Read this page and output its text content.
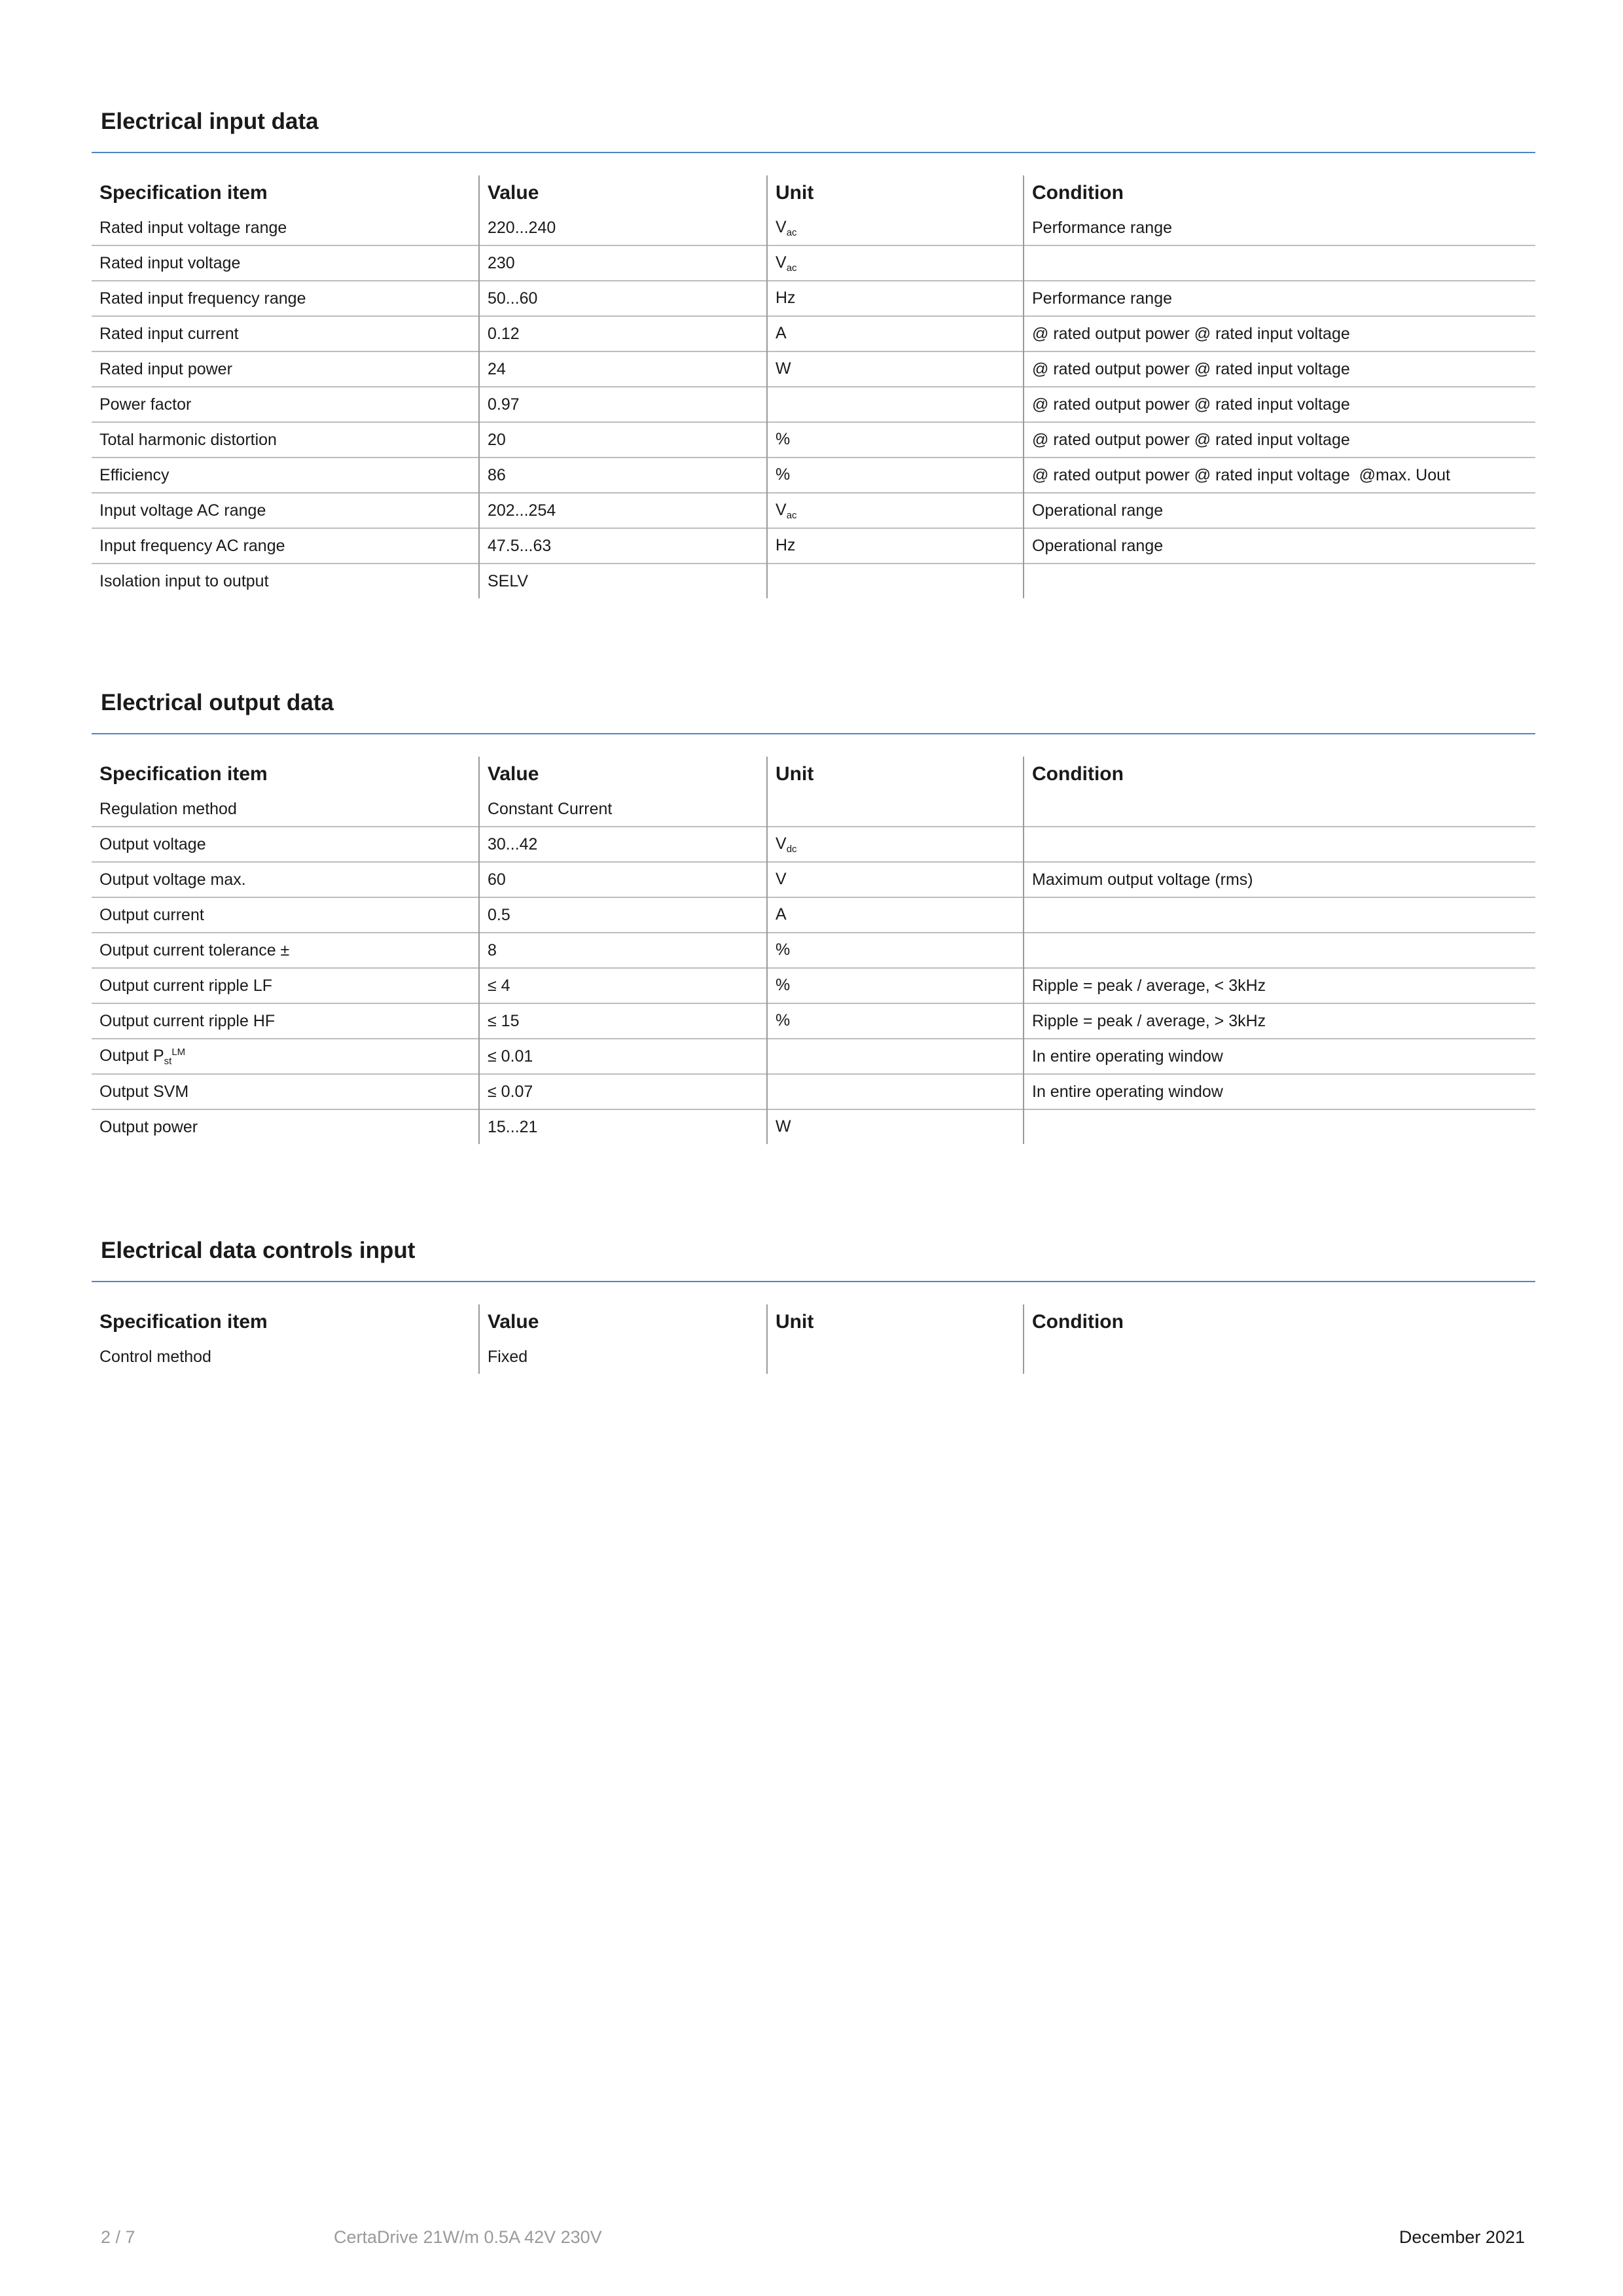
Electrical input data
Specification item	Value	Unit	Condition
Rated input voltage range	220...240	$V_{ac}$	Performance range
Rated input voltage	230	$V_{ac}$	
Rated input frequency range	50...60	Hz	Performance range
Rated input current	0.12	A	@ rated output power @ rated input voltage
Rated input power	24	W	@ rated output power @ rated input voltage
Power factor	0.97		@ rated output power @ rated input voltage
Total harmonic distortion	20	%	@ rated output power @ rated input voltage
Efficiency	86	%	@ rated output power @ rated input voltage  @max. Uout
Input voltage AC range	202...254	$V_{ac}$	Operational range
Input frequency AC range	47.5...63	Hz	Operational range
Isolation input to output	SELV		
Electrical output data
Specification item	Value	Unit	Condition
Regulation method	Constant Current		
Output voltage	30...42	$V_{dc}$	
Output voltage max.	60	V	Maximum output voltage (rms)
Output current	0.5	A	
Output current tolerance ±	8	%	
Output current ripple LF	≤ 4	%	Ripple = peak / average, < 3kHz
Output current ripple HF	≤ 15	%	Ripple = peak / average, > 3kHz
Output $P_{st}^{LM}$	≤ 0.01		In entire operating window
Output SVM	≤ 0.07		In entire operating window
Output power	15...21	W	
Electrical data controls input
Specification item	Value	Unit	Condition
Control method	Fixed		
2 / 7	CertaDrive 21W/m 0.5A 42V 230V	December 2021
